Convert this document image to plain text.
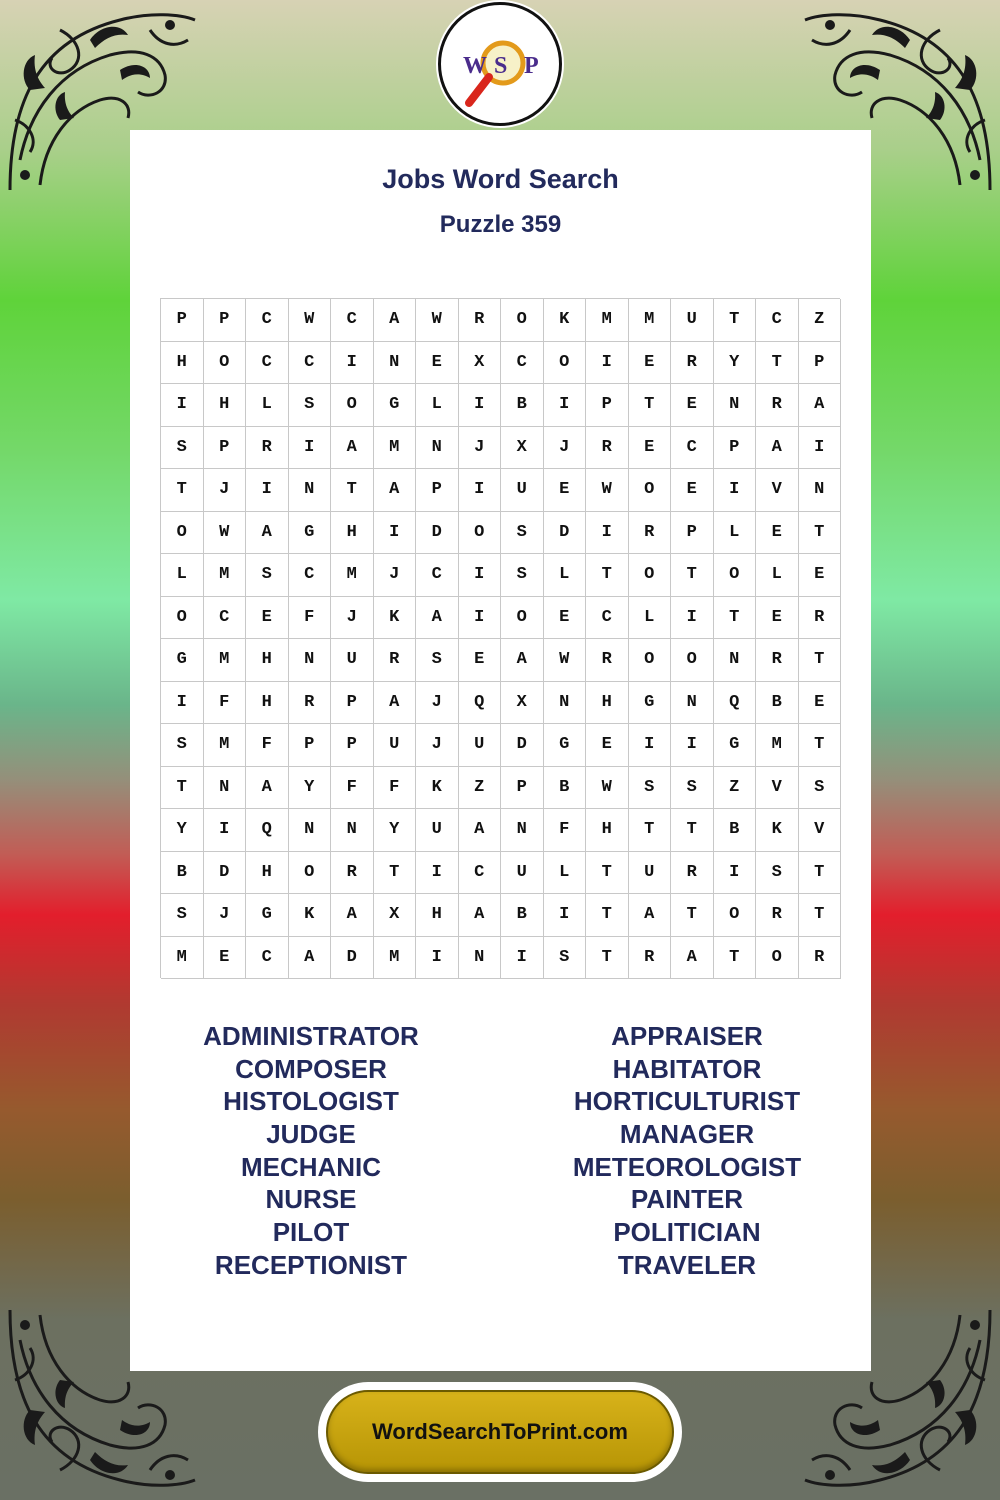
W S P
Jobs Word Search
Puzzle 359
P	P	C	W	C	A	W	R	O	K	M	M	U	T	C	Z
H	O	C	C	I	N	E	X	C	O	I	E	R	Y	T	P
I	H	L	S	O	G	L	I	B	I	P	T	E	N	R	A
S	P	R	I	A	M	N	J	X	J	R	E	C	P	A	I
T	J	I	N	T	A	P	I	U	E	W	O	E	I	V	N
O	W	A	G	H	I	D	O	S	D	I	R	P	L	E	T
L	M	S	C	M	J	C	I	S	L	T	O	T	O	L	E
O	C	E	F	J	K	A	I	O	E	C	L	I	T	E	R
G	M	H	N	U	R	S	E	A	W	R	O	O	N	R	T
I	F	H	R	P	A	J	Q	X	N	H	G	N	Q	B	E
S	M	F	P	P	U	J	U	D	G	E	I	I	G	M	T
T	N	A	Y	F	F	K	Z	P	B	W	S	S	Z	V	S
Y	I	Q	N	N	Y	U	A	N	F	H	T	T	B	K	V
B	D	H	O	R	T	I	C	U	L	T	U	R	I	S	T
S	J	G	K	A	X	H	A	B	I	T	A	T	O	R	T
M	E	C	A	D	M	I	N	I	S	T	R	A	T	O	R
ADMINISTRATOR
COMPOSER
HISTOLOGIST
JUDGE
MECHANIC
NURSE
PILOT
RECEPTIONIST
APPRAISER
HABITATOR
HORTICULTURIST
MANAGER
METEOROLOGIST
PAINTER
POLITICIAN
TRAVELER
WordSearchToPrint.com
